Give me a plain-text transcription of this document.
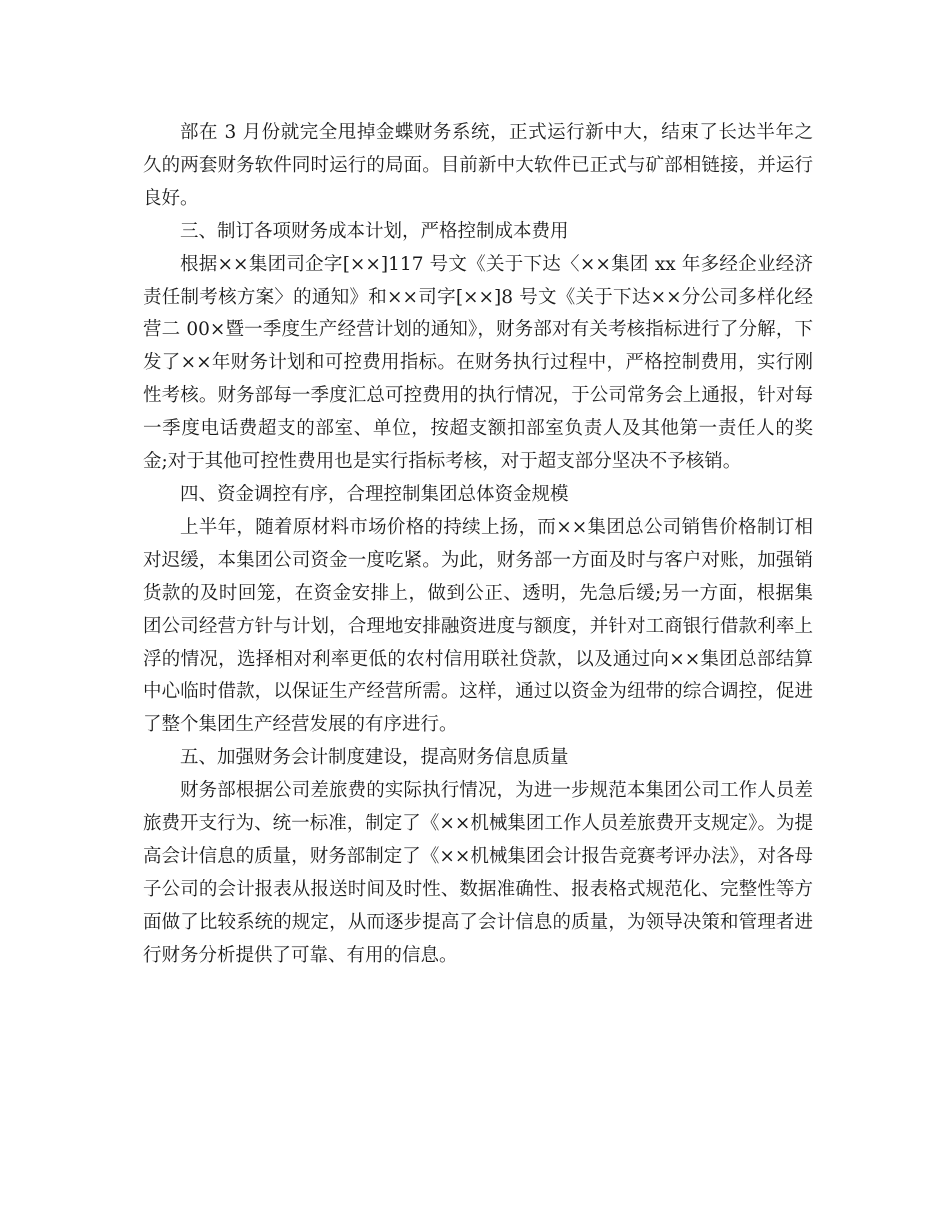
部在 3 月份就完全甩掉金蝶财务系统，正式运行新中大，结束了长达半年之久的两套财务软件同时运行的局面。目前新中大软件已正式与矿部相链接，并运行良好。

三、制订各项财务成本计划，严格控制成本费用

根据××集团司企字[××]117 号文《关于下达〈××集团 xx 年多经企业经济责任制考核方案〉的通知》和××司字[××]8 号文《关于下达××分公司多样化经营二 00×暨一季度生产经营计划的通知》，财务部对有关考核指标进行了分解，下发了××年财务计划和可控费用指标。在财务执行过程中，严格控制费用，实行刚性考核。财务部每一季度汇总可控费用的执行情况，于公司常务会上通报，针对每一季度电话费超支的部室、单位，按超支额扣部室负责人及其他第一责任人的奖金;对于其他可控性费用也是实行指标考核，对于超支部分坚决不予核销。

四、资金调控有序，合理控制集团总体资金规模

上半年，随着原材料市场价格的持续上扬，而××集团总公司销售价格制订相对迟缓，本集团公司资金一度吃紧。为此，财务部一方面及时与客户对账，加强销货款的及时回笼，在资金安排上，做到公正、透明，先急后缓;另一方面，根据集团公司经营方针与计划，合理地安排融资进度与额度，并针对工商银行借款利率上浮的情况，选择相对利率更低的农村信用联社贷款，以及通过向××集团总部结算中心临时借款，以保证生产经营所需。这样，通过以资金为纽带的综合调控，促进了整个集团生产经营发展的有序进行。

五、加强财务会计制度建设，提高财务信息质量

财务部根据公司差旅费的实际执行情况，为进一步规范本集团公司工作人员差旅费开支行为、统一标准，制定了《××机械集团工作人员差旅费开支规定》。为提高会计信息的质量，财务部制定了《××机械集团会计报告竞赛考评办法》，对各母子公司的会计报表从报送时间及时性、数据准确性、报表格式规范化、完整性等方面做了比较系统的规定，从而逐步提高了会计信息的质量，为领导决策和管理者进行财务分析提供了可靠、有用的信息。
